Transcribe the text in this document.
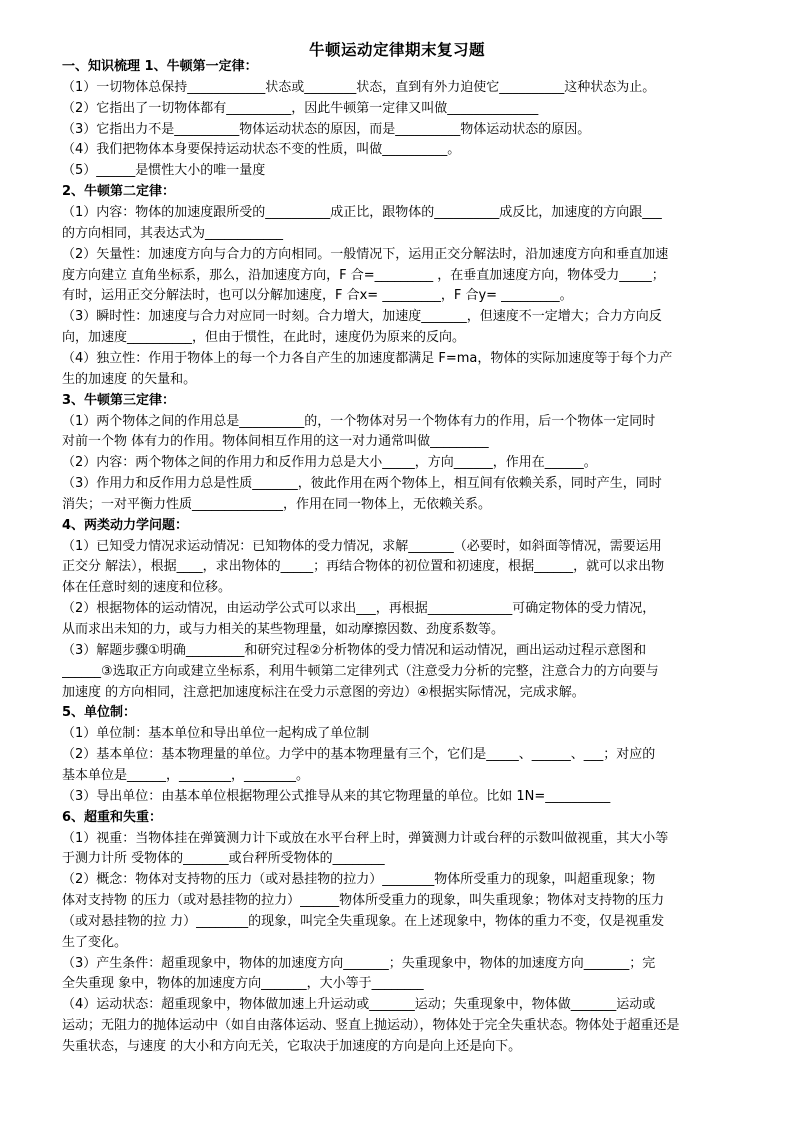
牛顿运动定律期末复习题
一、知识梳理 1、牛顿第一定律：
（1）一切物体总保持____________状态或________状态，直到有外力迫使它__________这种状态为止。
（2）它指出了一切物体都有__________，因此牛顿第一定律又叫做______________
（3）它指出力不是__________物体运动状态的原因，而是__________物体运动状态的原因。
（4）我们把物体本身要保持运动状态不变的性质，叫做__________。
（5）______是惯性大小的唯一量度
2、牛顿第二定律：
（1）内容：物体的加速度跟所受的__________成正比，跟物体的__________成反比，加速度的方向跟___
的方向相同，其表达式为____________
（2）矢量性：加速度方向与合力的方向相同。一般情况下，运用正交分解法时，沿加速度方向和垂直加速
度方向建立 直角坐标系，那么，沿加速度方向，F 合=_________ ，在垂直加速度方向，物体受力_____；
有时，运用正交分解法时，也可以分解加速度，F 合x= _________，F 合y= _________。
（3）瞬时性：加速度与合力对应同一时刻。合力增大，加速度_______，但速度不一定增大；合力方向反
向，加速度__________，但由于惯性，在此时，速度仍为原来的反向。
（4）独立性：作用于物体上的每一个力各自产生的加速度都满足 F=ma，物体的实际加速度等于每个力产
生的加速度 的矢量和。
3、牛顿第三定律：
（1）两个物体之间的作用总是__________的，一个物体对另一个物体有力的作用，后一个物体一定同时
对前一个物 体有力的作用。物体间相互作用的这一对力通常叫做_________
（2）内容：两个物体之间的作用力和反作用力总是大小_____，方向______，作用在______。
（3）作用力和反作用力总是性质_______，彼此作用在两个物体上，相互间有依赖关系，同时产生，同时
消失；一对平衡力性质______________，作用在同一物体上，无依赖关系。
4、两类动力学问题：
（1）已知受力情况求运动情况：已知物体的受力情况，求解_______（必要时，如斜面等情况，需要运用
正交分 解法），根据____，求出物体的_____；再结合物体的初位置和初速度，根据______，就可以求出物
体在任意时刻的速度和位移。
（2）根据物体的运动情况，由运动学公式可以求出___，再根据_____________可确定物体的受力情况，
从而求出未知的力，或与力相关的某些物理量，如动摩擦因数、劲度系数等。
（3）解题步骤①明确_________和研究过程②分析物体的受力情况和运动情况，画出运动过程示意图和
______③选取正方向或建立坐标系，利用牛顿第二定律列式（注意受力分析的完整，注意合力的方向要与
加速度 的方向相同，注意把加速度标注在受力示意图的旁边）④根据实际情况，完成求解。
5、单位制：
（1）单位制：基本单位和导出单位一起构成了单位制
（2）基本单位：基本物理量的单位。力学中的基本物理量有三个，它们是_____、______、___；对应的
基本单位是______，________，________。
（3）导出单位：由基本单位根据物理公式推导从来的其它物理量的单位。比如 1N=__________
6、超重和失重：
（1）视重：当物体挂在弹簧测力计下或放在水平台秤上时，弹簧测力计或台秤的示数叫做视重，其大小等
于测力计所 受物体的_______或台秤所受物体的________
（2）概念：物体对支持物的压力（或对悬挂物的拉力）________物体所受重力的现象，叫超重现象；物
体对支持物 的压力（或对悬挂物的拉力）______物体所受重力的现象，叫失重现象；物体对支持物的压力
（或对悬挂物的拉 力）________的现象，叫完全失重现象。在上述现象中，物体的重力不变，仅是视重发
生了变化。
（3）产生条件：超重现象中，物体的加速度方向_______；失重现象中，物体的加速度方向_______；完
全失重现 象中，物体的加速度方向_______，大小等于________
（4）运动状态：超重现象中，物体做加速上升运动或_______运动；失重现象中，物体做_______运动或
运动；无阻力的抛体运动中（如自由落体运动、竖直上抛运动），物体处于完全失重状态。物体处于超重还是
失重状态，与速度 的大小和方向无关，它取决于加速度的方向是向上还是向下。
